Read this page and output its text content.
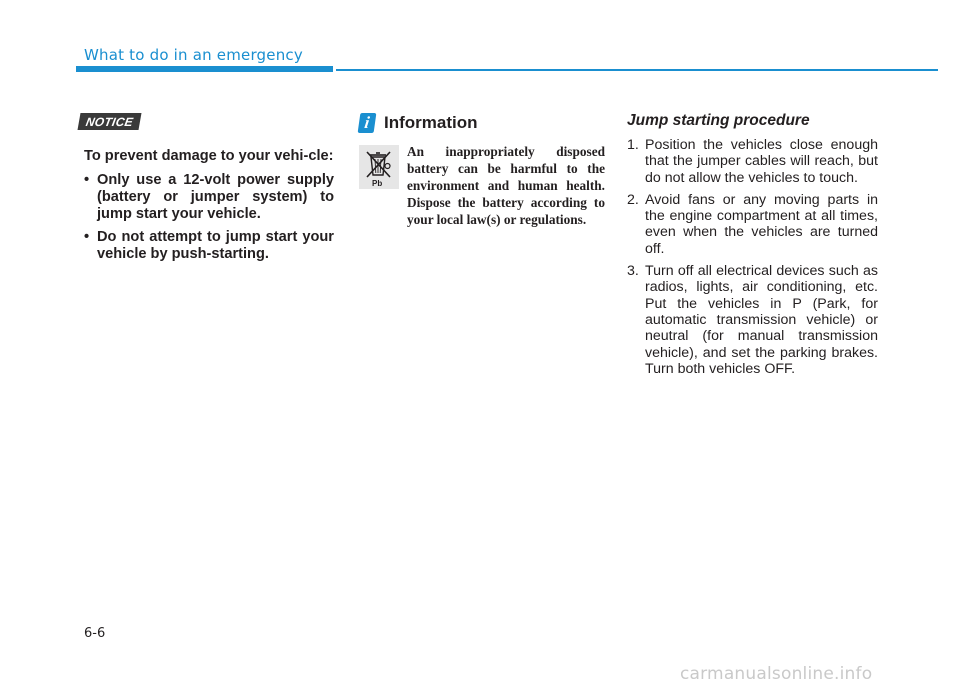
What to do in an emergency
NOTICE

To prevent damage to your vehi-cle:

• Only use a 12-volt power supply (battery or jumper system) to jump start your vehicle.
• Do not attempt to jump start your vehicle by push-starting.
i Information
Pb
An inappropriately disposed battery can be harmful to the environment and human health. Dispose the battery according to your local law(s) or regulations.
Jump starting procedure
1. Position the vehicles close enough that the jumper cables will reach, but do not allow the vehicles to touch.
2. Avoid fans or any moving parts in the engine compartment at all times, even when the vehicles are turned off.
3. Turn off all electrical devices such as radios, lights, air conditioning, etc. Put the vehicles in P (Park, for automatic transmission vehicle) or neutral (for manual transmission vehicle), and set the parking brakes. Turn both vehicles OFF.
6-6
carmanualsonline.info
